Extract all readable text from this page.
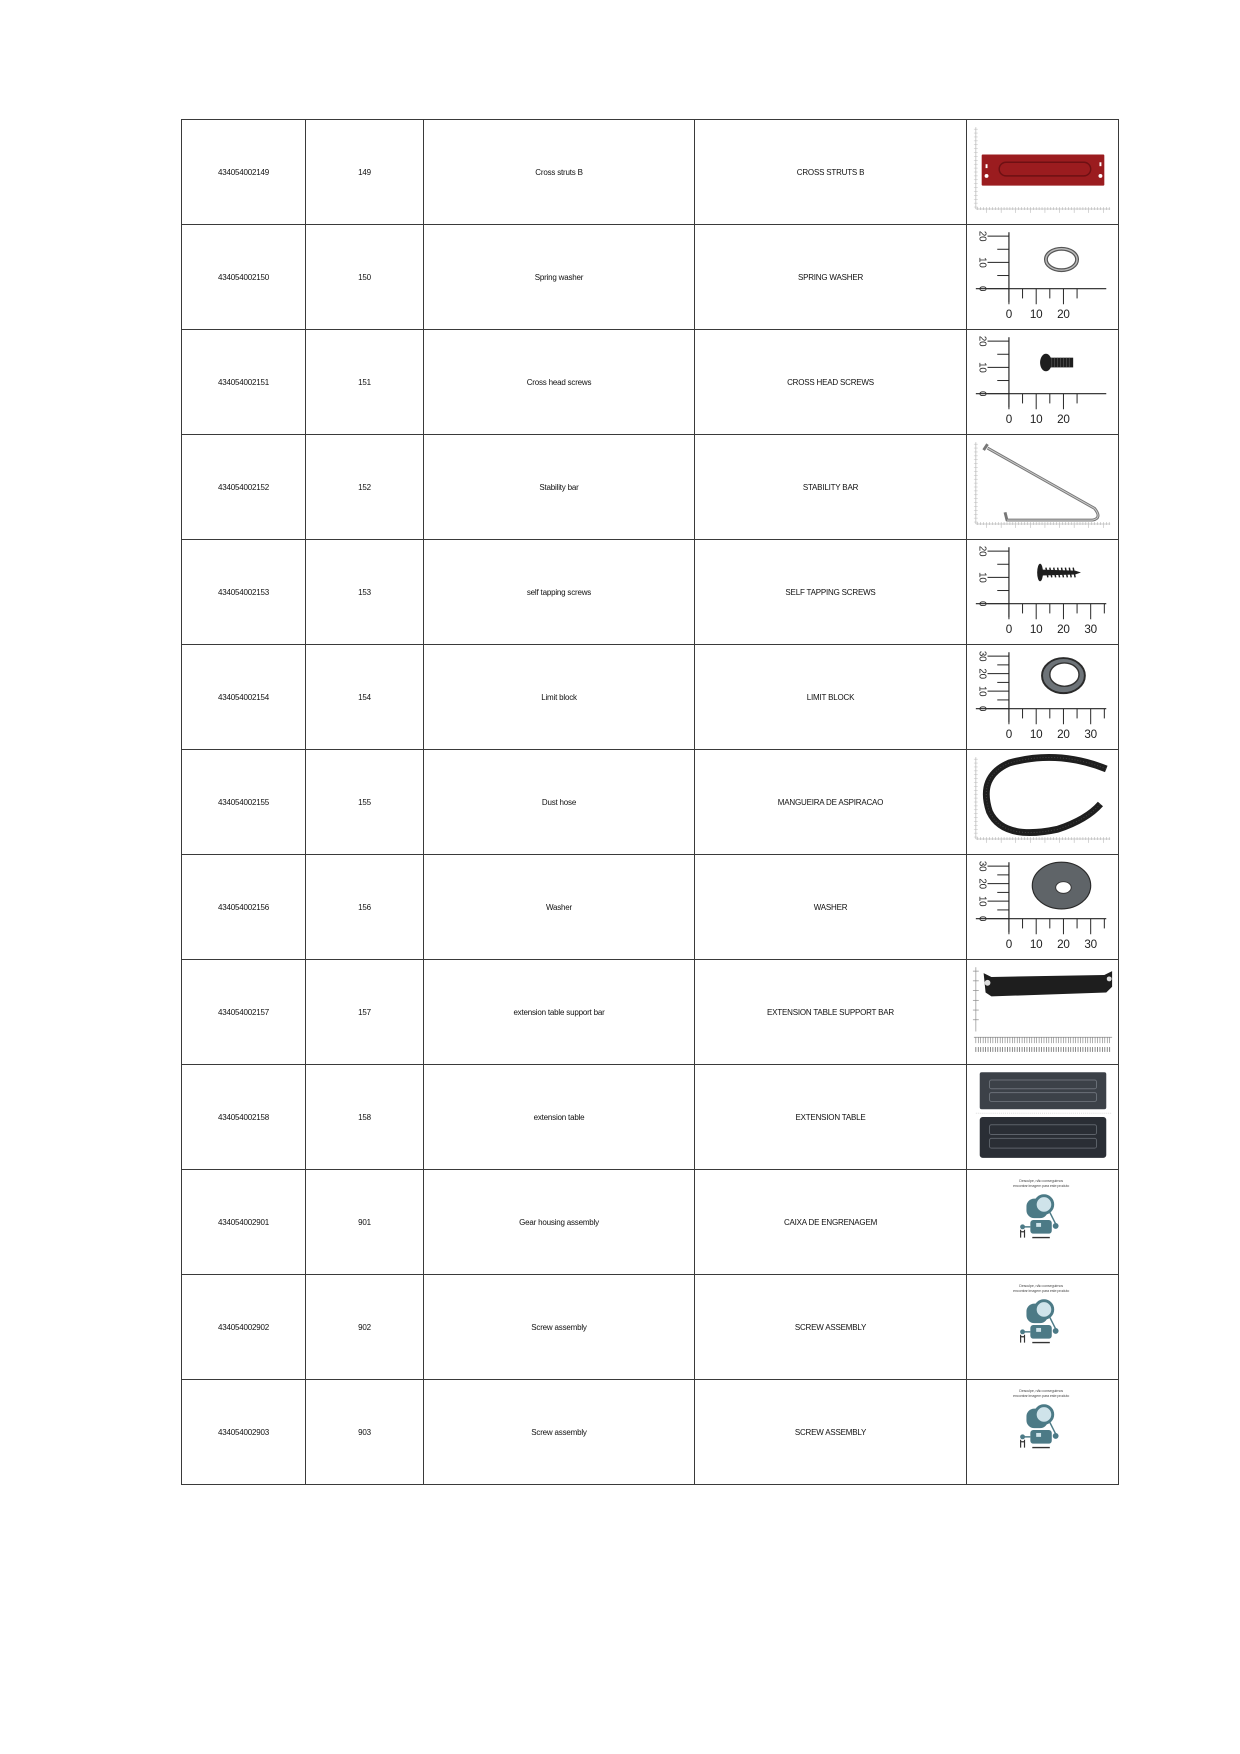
434054002149	149	Cross struts B	CROSS STRUTS B	

434054002150	150	Spring washer	SPRING WASHER	
20
10
0
0 10 20

434054002151	151	Cross head screws	CROSS HEAD SCREWS	
20
10
0
0 10 20

434054002152	152	Stability bar	STABILITY BAR	

434054002153	153	self tapping screws	SELF TAPPING SCREWS	
20
10
0
0 10 20 30

434054002154	154	Limit block	LIMIT BLOCK	
30
20
10
0
0 10 20 30

434054002155	155	Dust hose	MANGUEIRA DE ASPIRACAO	

434054002156	156	Washer	WASHER	
30
20
10
0
0 10 20 30

434054002157	157	extension table support bar	EXTENSION TABLE SUPPORT BAR	

434054002158	158	extension table	EXTENSION TABLE	

434054002901	901	Gear housing assembly	CAIXA DE ENGRENAGEM	Desculpe, não conseguimos
encontrar imagem para este produto

434054002902	902	Screw assembly	SCREW ASSEMBLY	Desculpe, não conseguimos
encontrar imagem para este produto

434054002903	903	Screw assembly	SCREW ASSEMBLY	Desculpe, não conseguimos
encontrar imagem para este produto
